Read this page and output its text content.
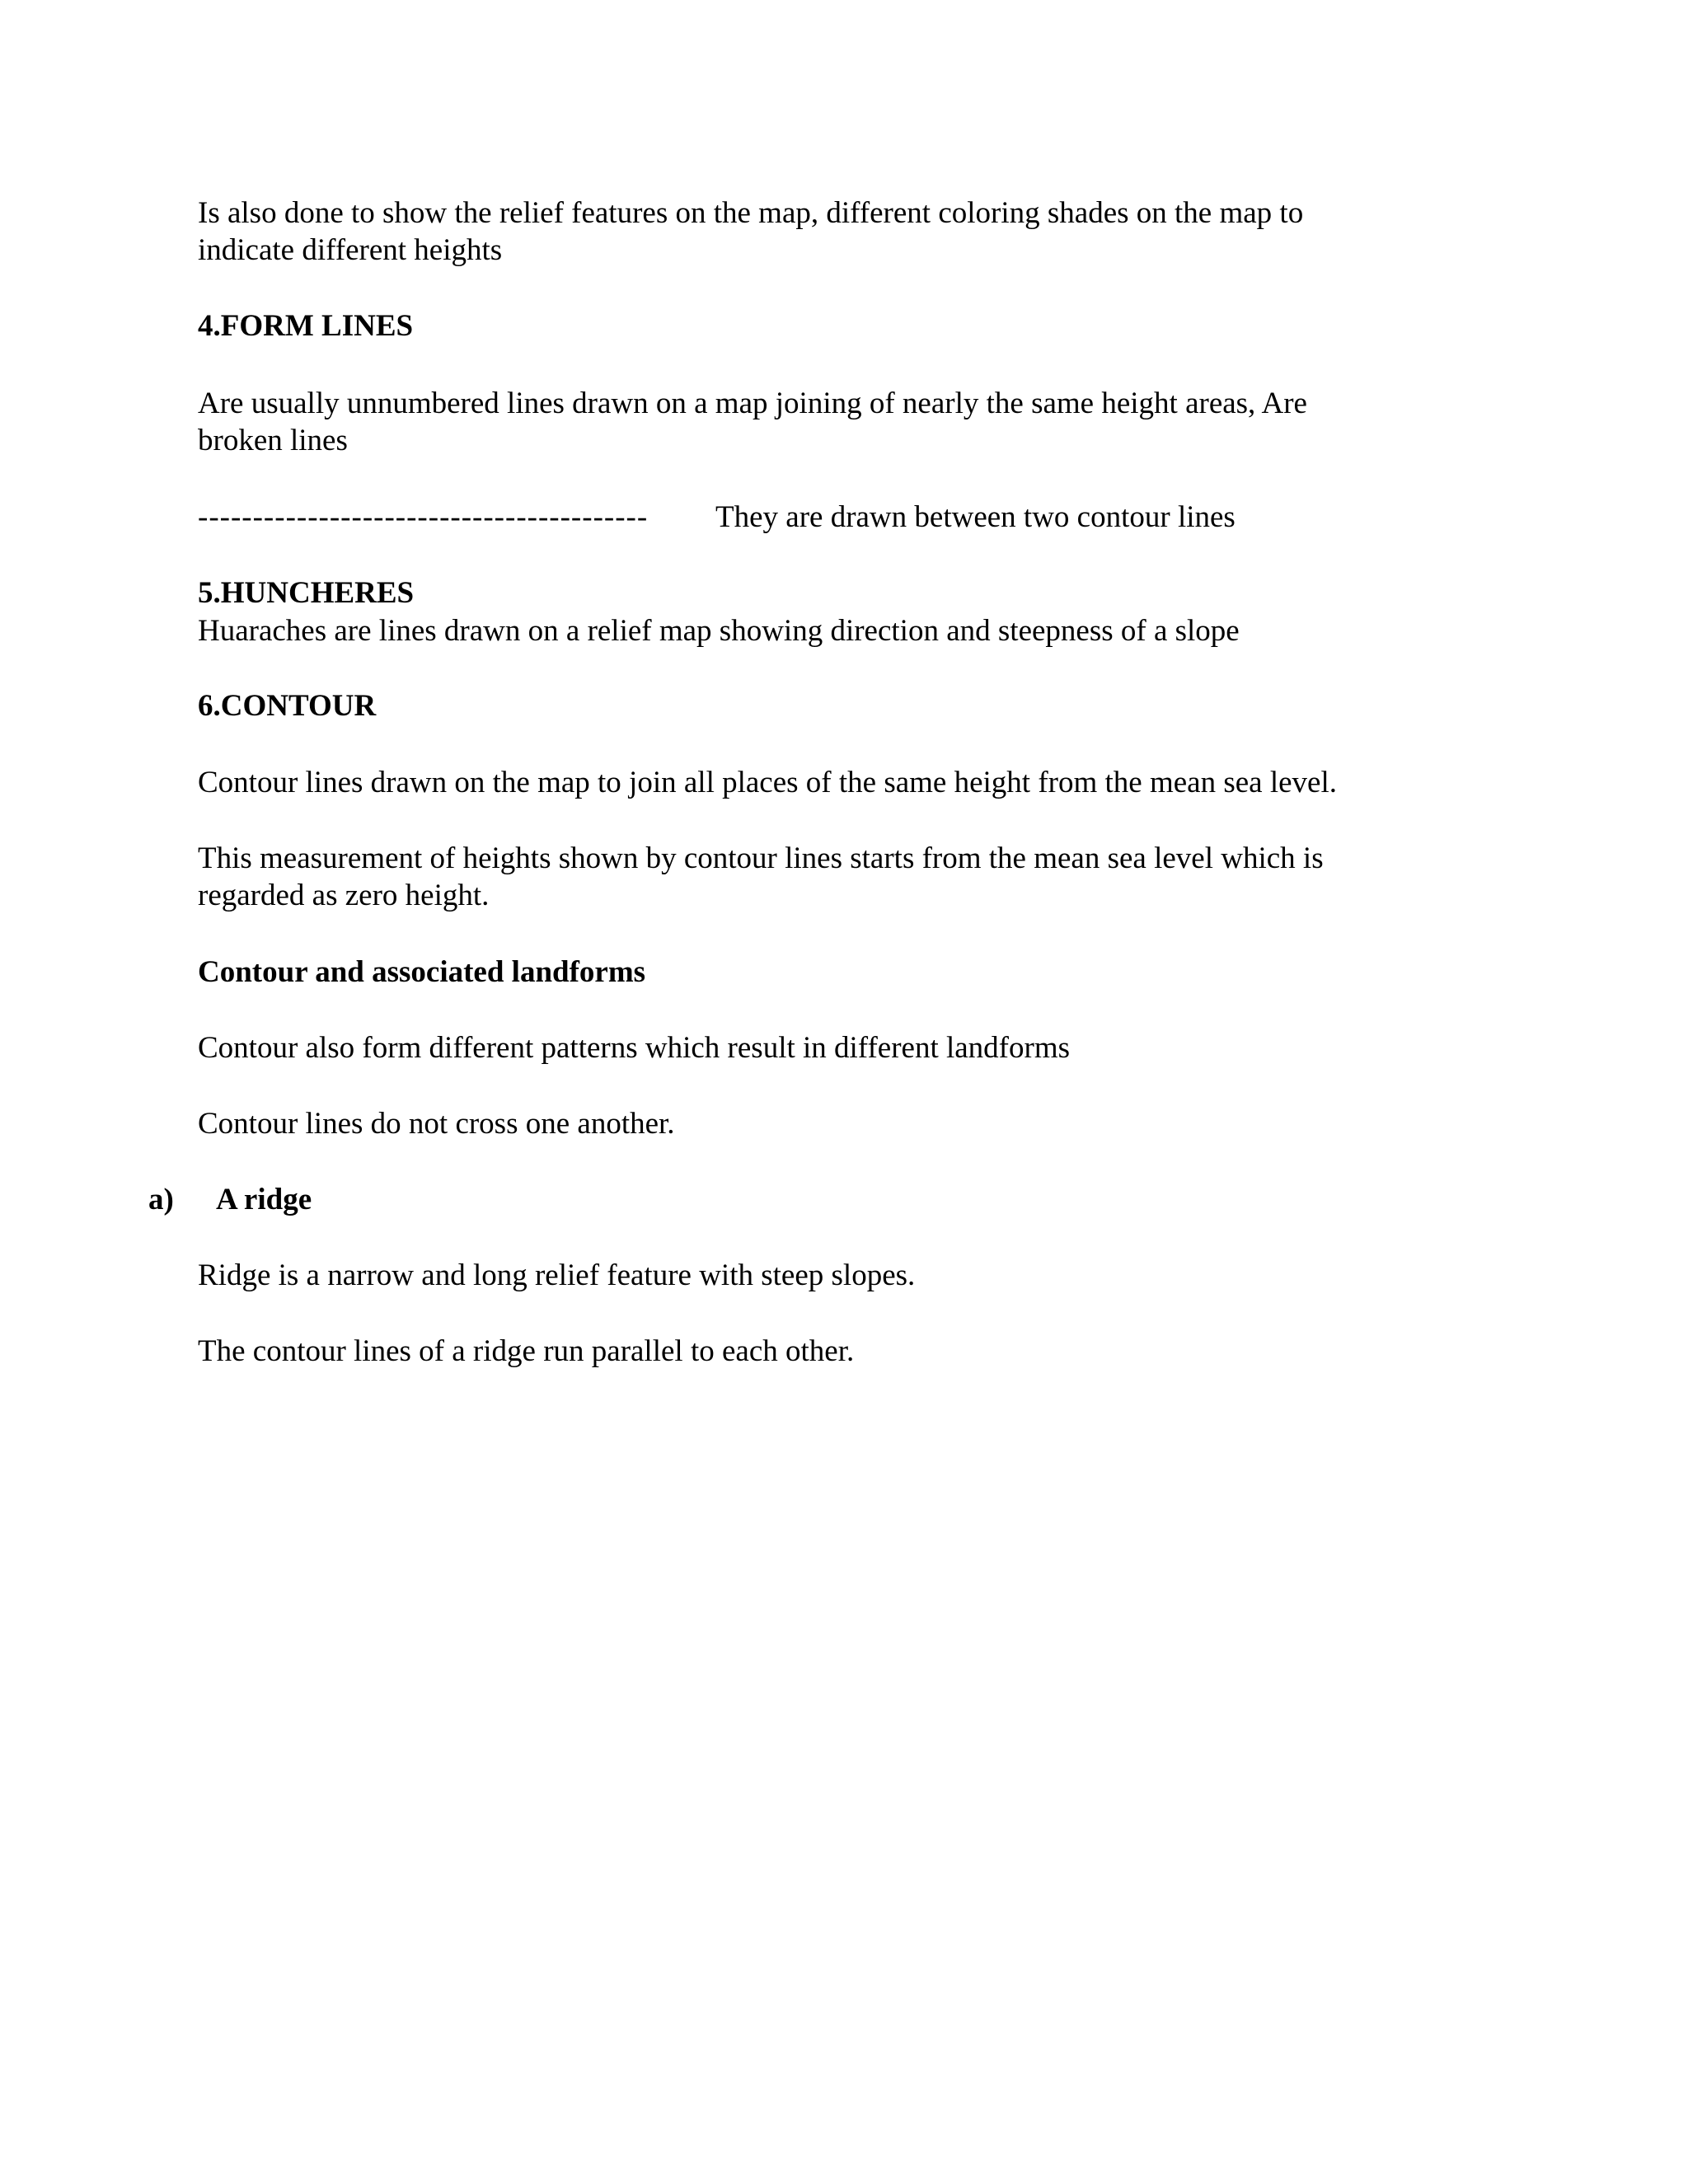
Is also done to show the relief features on the map, different coloring shades on the map to

indicate different heights

4.FORM LINES

Are usually unnumbered lines drawn on a map joining of nearly the same height areas, Are

broken lines

----------------------------------------- They are drawn between two contour lines

5.HUNCHERES

Huaraches are lines drawn on a relief map showing direction and steepness of a slope

6.CONTOUR

Contour lines drawn on the map to join all places of the same height from the mean sea level.

This measurement of heights shown by contour lines starts from the mean sea level which is

regarded as zero height.

Contour and associated landforms

Contour also form different patterns which result in different landforms

Contour lines do not cross one another.

a) A ridge

Ridge is a narrow and long relief feature with steep slopes.

The contour lines of a ridge run parallel to each other.
